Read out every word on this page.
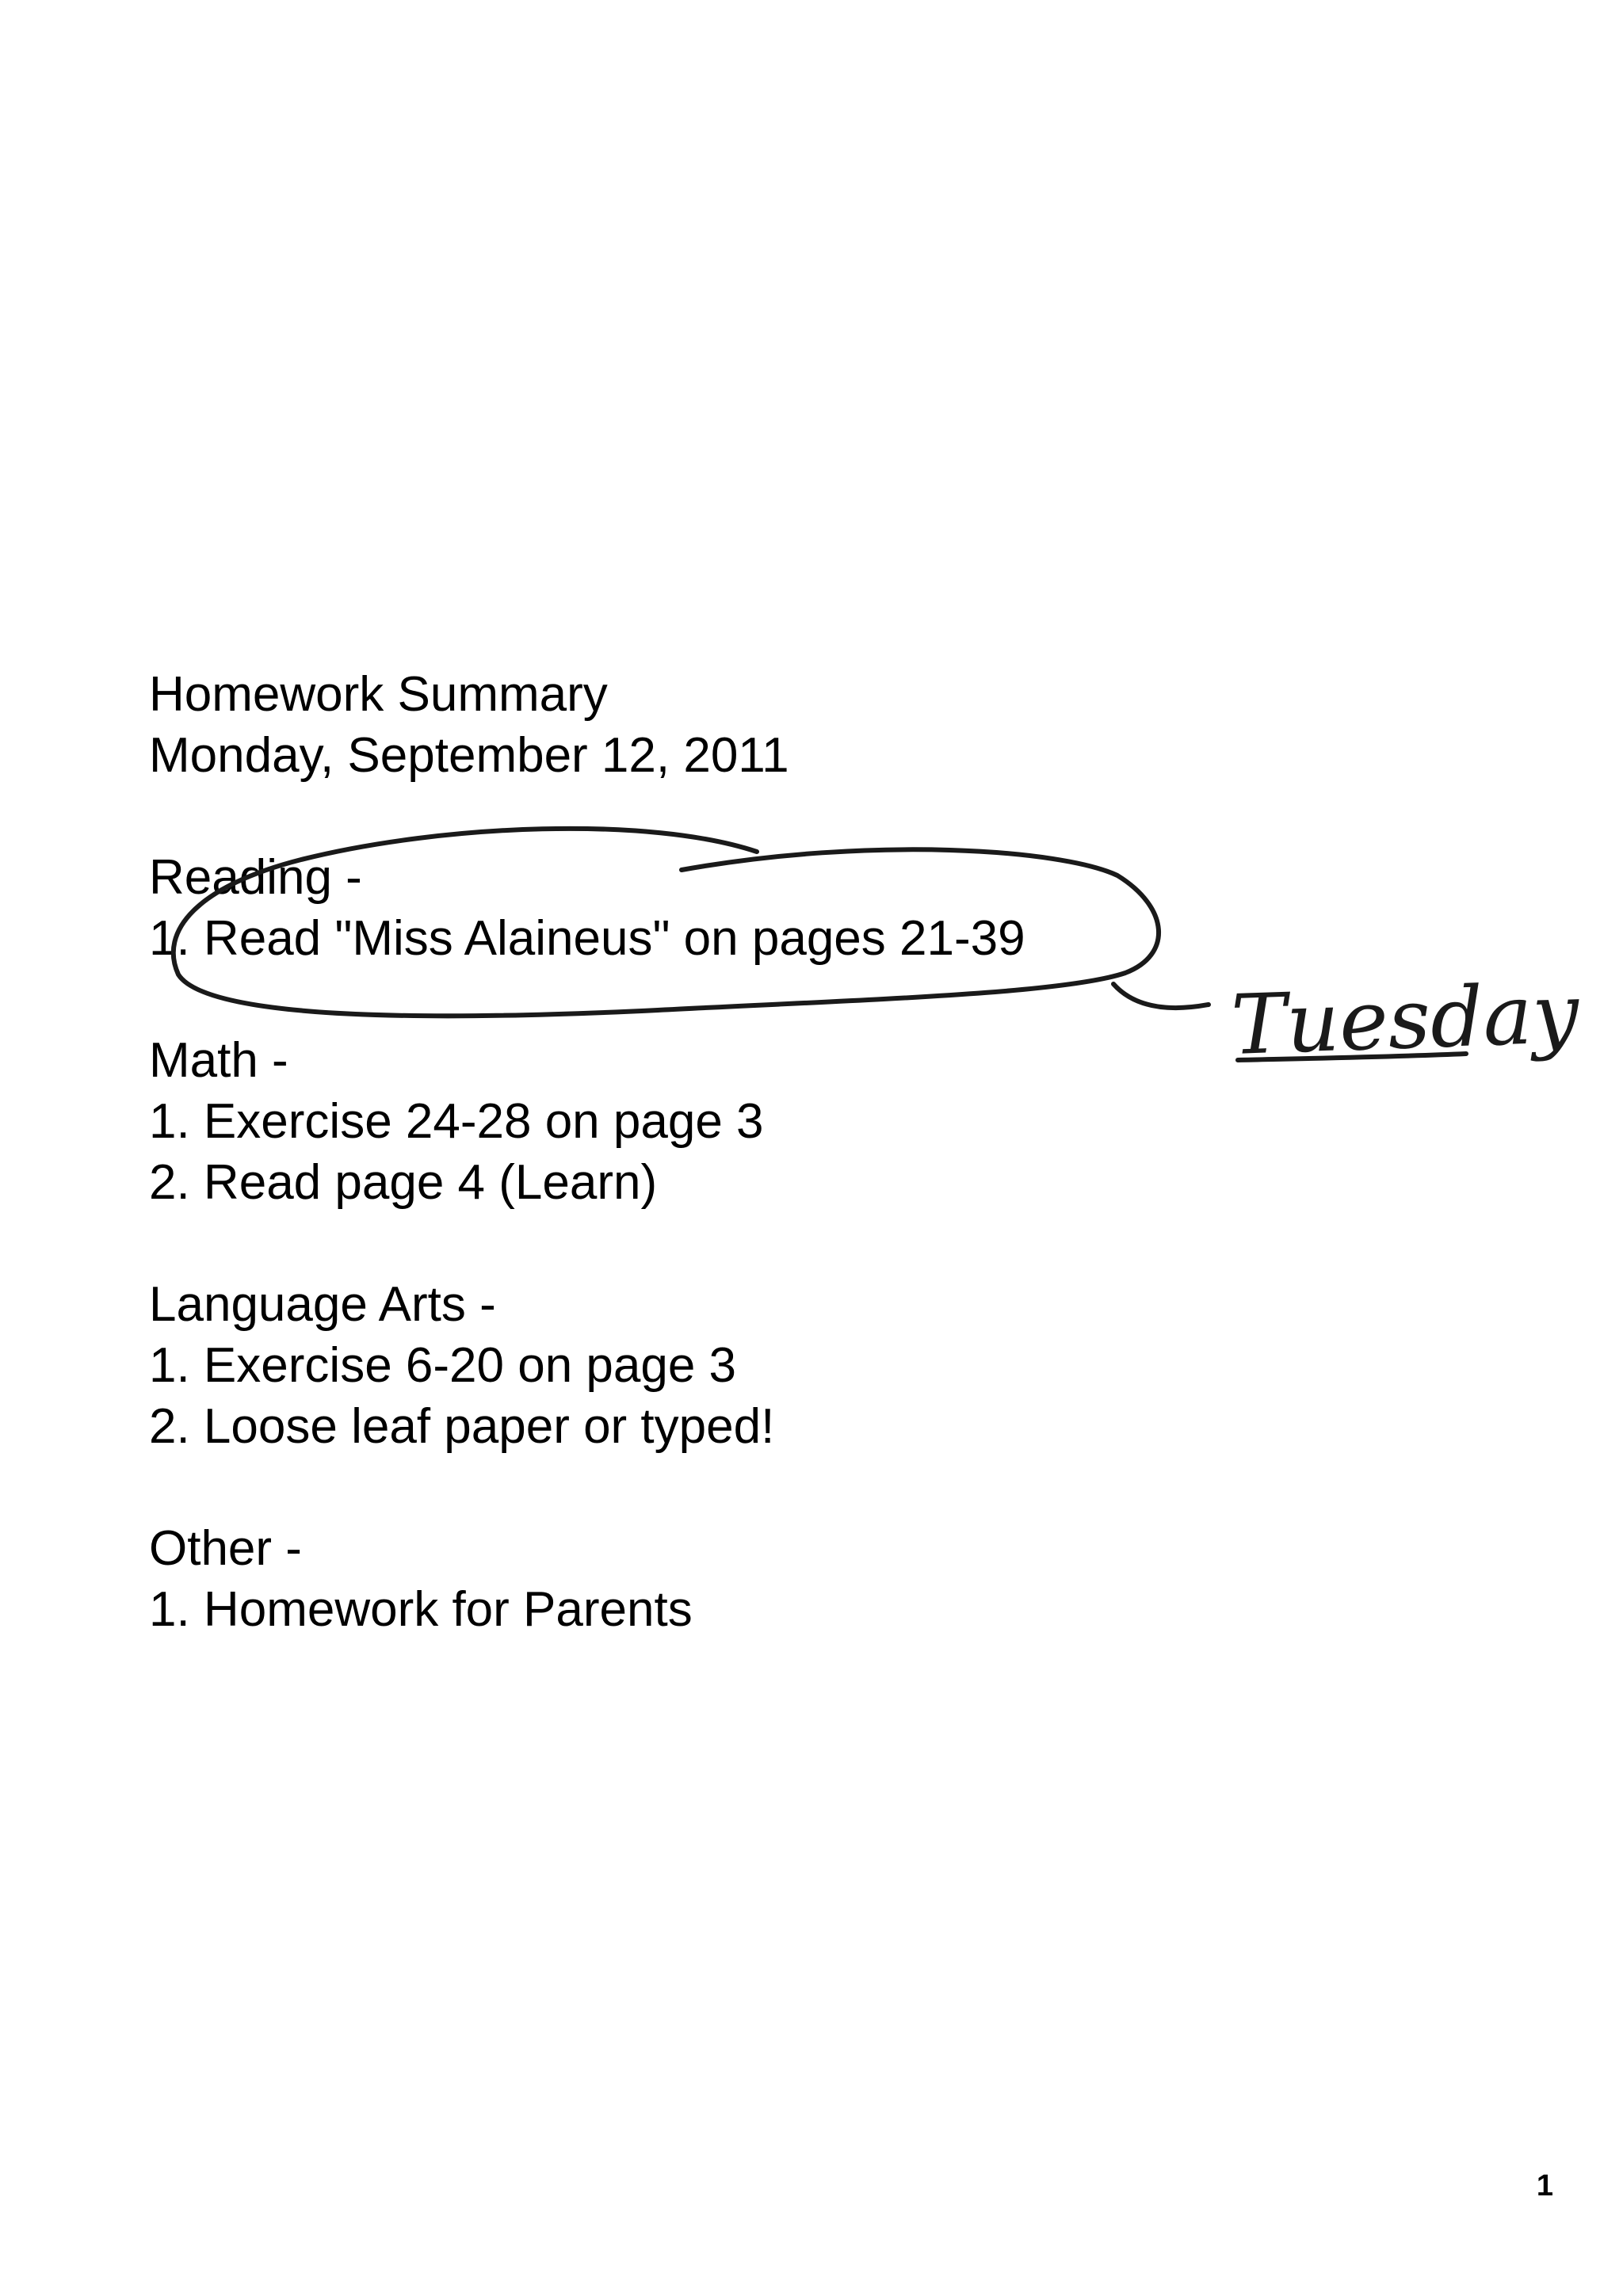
Homework Summary
Monday, September 12, 2011
Reading -
1. Read "Miss Alaineus" on pages 21-39
Math -
1. Exercise 24-28 on page 3
2. Read page 4 (Learn)
Language Arts -
1. Exercise 6-20 on page 3
2. Loose leaf paper or typed!
Other -
1. Homework for Parents
Tuesday
1
